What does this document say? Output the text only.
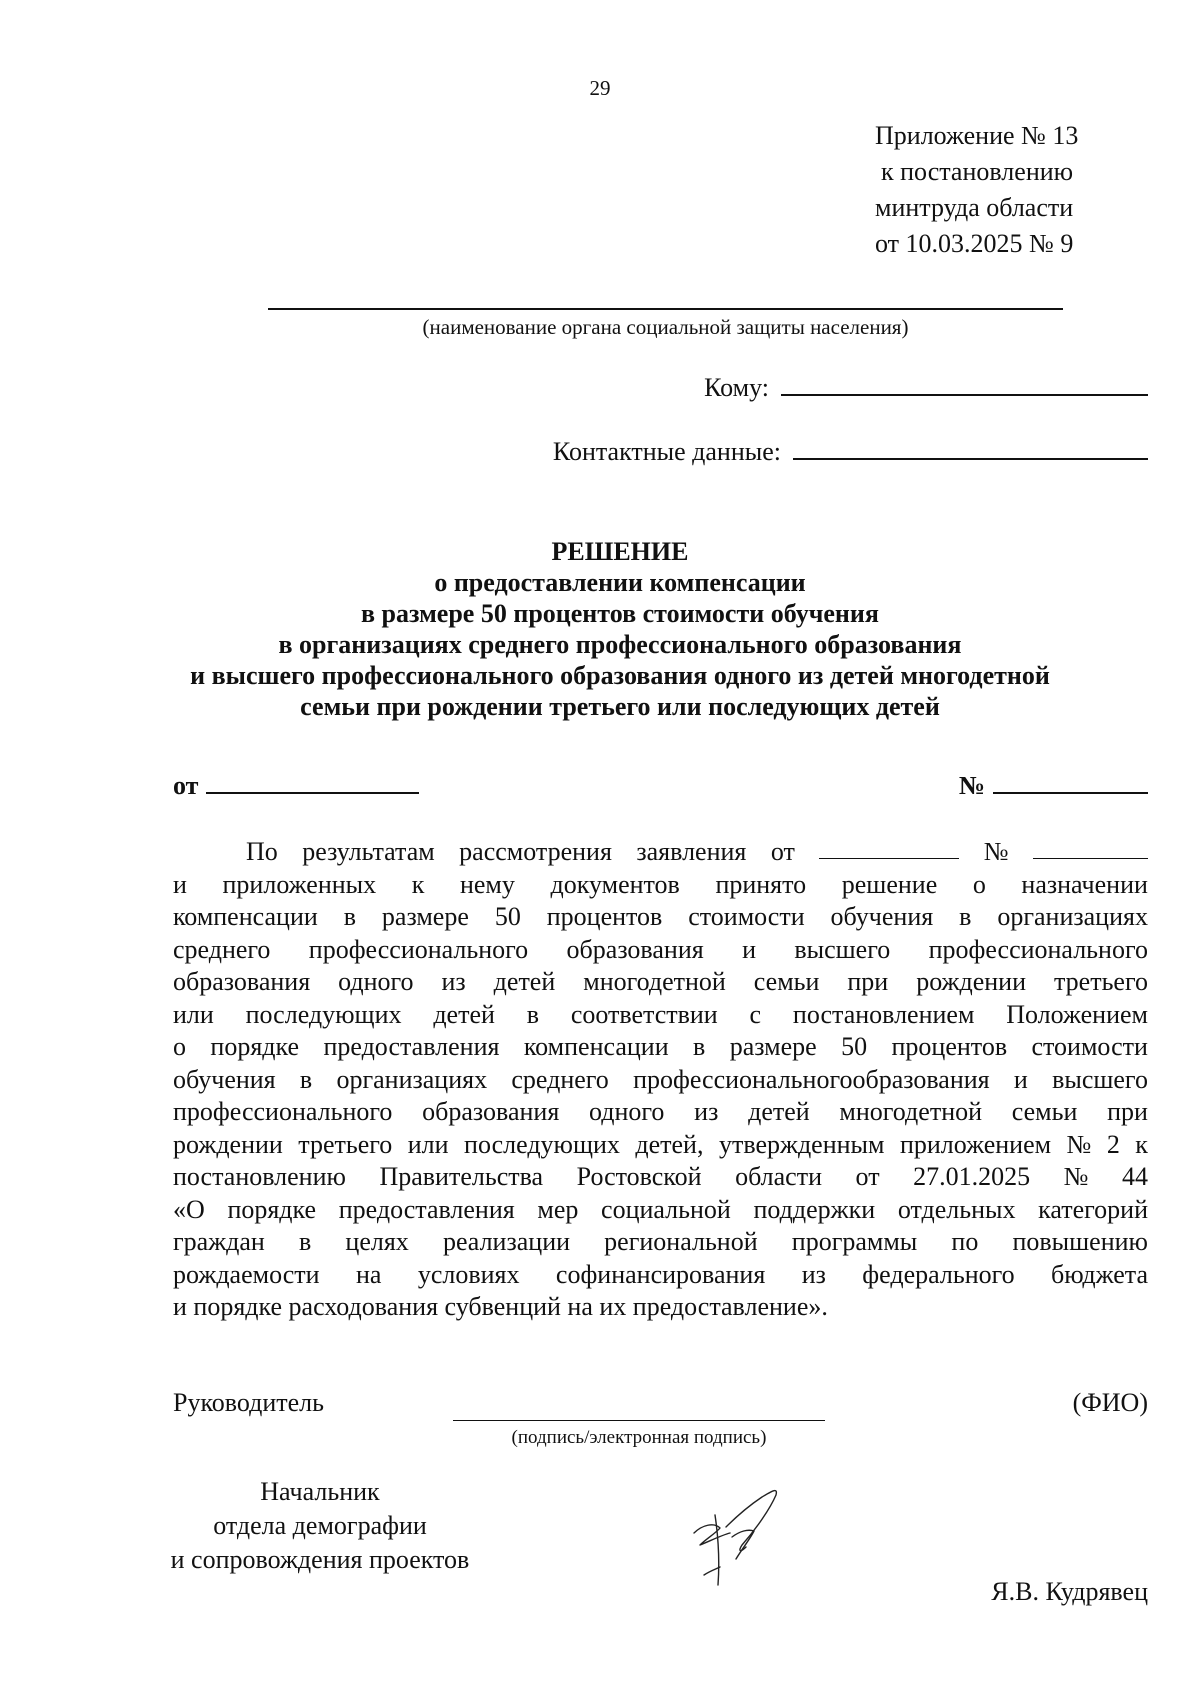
29
Приложение № 13
к постановлению
минтруда области
от 10.03.2025 № 9
(наименование органа социальной защиты населения)
Кому:
Контактные данные:
РЕШЕНИЕ
о предоставлении компенсации
в размере 50 процентов стоимости обучения
в организациях среднего профессионального образования
и высшего профессионального образования одного из детей многодетной
семьи при рождении третьего или последующих детей
от	№
По результатам рассмотрения заявления от	№
и приложенных к нему документов принято решение о назначении
компенсации в размере 50 процентов стоимости обучения в организациях
среднего профессионального образования и высшего профессионального
образования одного из детей многодетной семьи при рождении третьего
или последующих детей в соответствии с постановлением Положением
о порядке предоставления компенсации в размере 50 процентов стоимости
обучения в организациях среднего профессиональногообразования и высшего
профессионального образования одного из детей многодетной семьи при
рождении третьего или последующих детей, утвержденным приложением № 2 к
постановлению Правительства Ростовской области от 27.01.2025 № 44
«О порядке предоставления мер социальной поддержки отдельных категорий
граждан в целях реализации региональной программы по повышению
рождаемости на условиях софинансирования из федерального бюджета
и порядке расходования субвенций на их предоставление».
Руководитель
(подпись/электронная подпись)
(ФИО)
Начальник
отдела демографии
и сопровождения проектов
Я.В. Кудрявец
